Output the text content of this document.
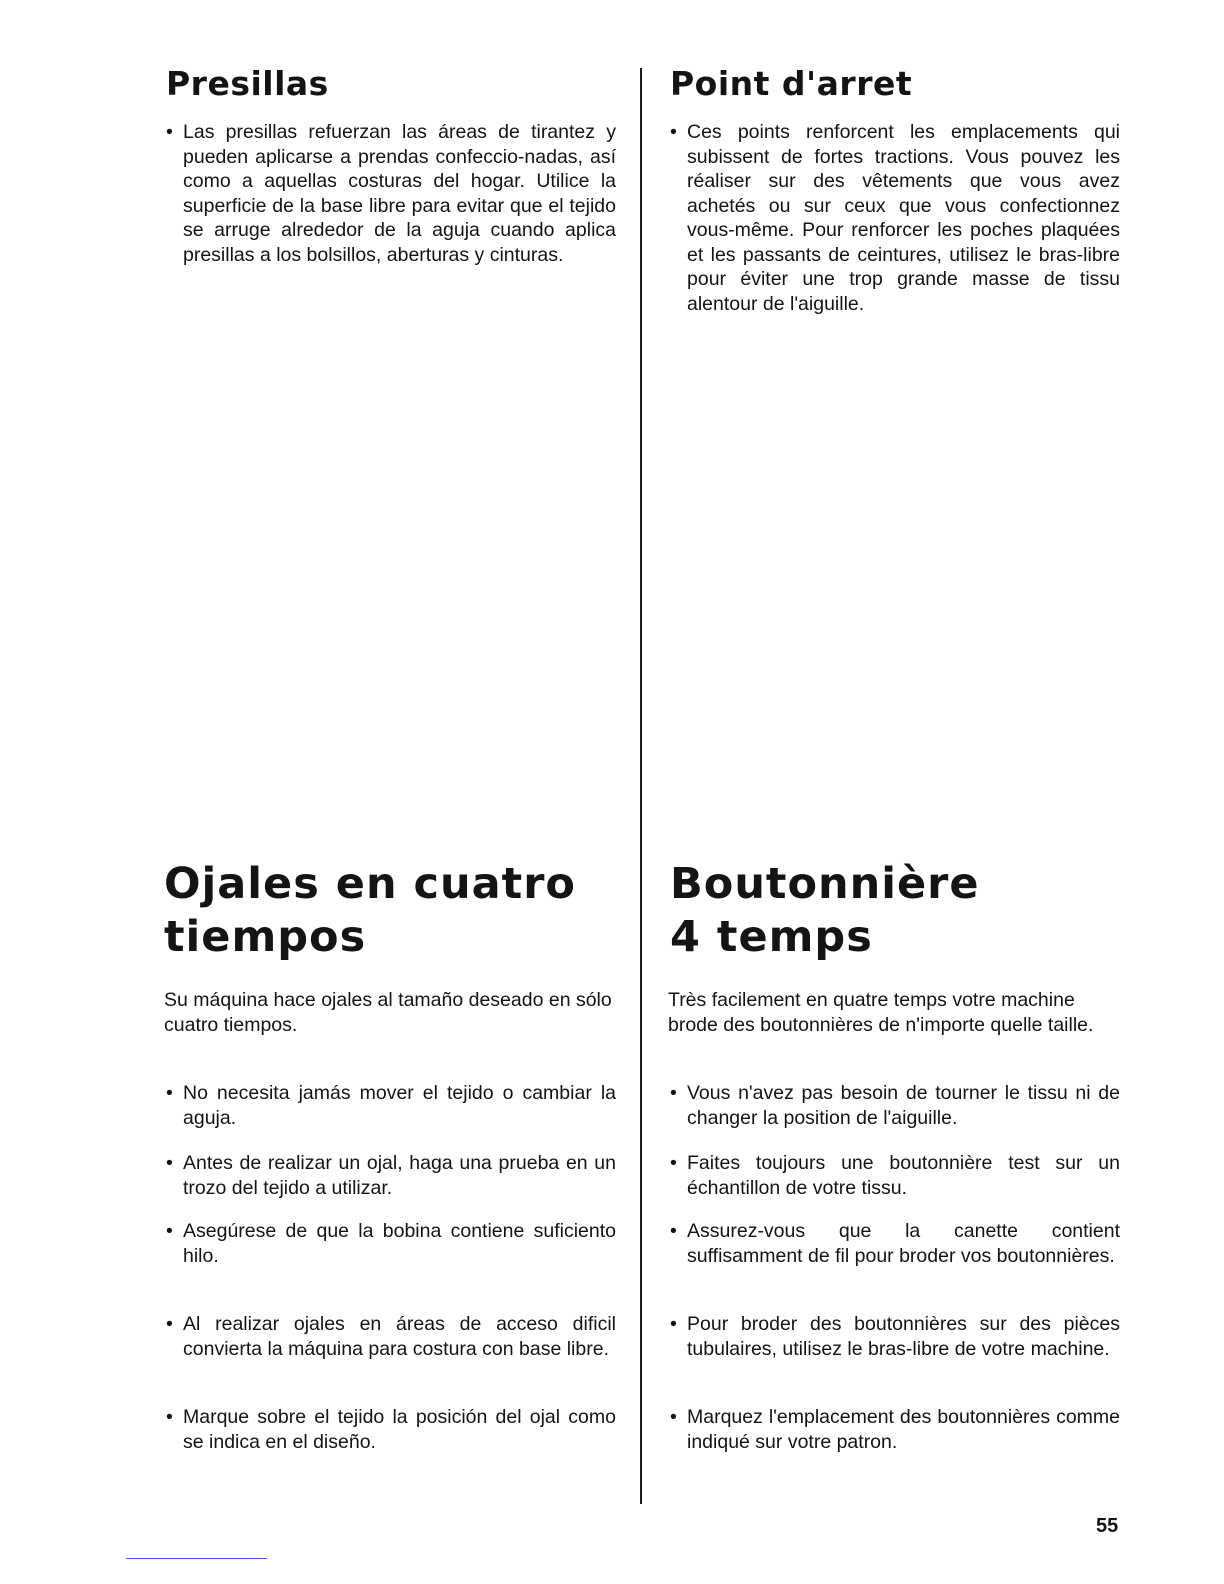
Presillas
• Las presillas refuerzan las áreas de tirantez y pueden aplicarse a prendas confeccio-nadas, así como a aquellas costuras del hogar. Utilice la superficie de la base libre para evitar que el tejido se arruge alrededor de la aguja cuando aplica presillas a los bolsillos, aberturas y cinturas.
Ojales en cuatro
tiempos
Su máquina hace ojales al tamaño deseado en sólo cuatro tiempos.
• No necesita jamás mover el tejido o cambiar la aguja.
• Antes de realizar un ojal, haga una prueba en un trozo del tejido a utilizar.
• Asegúrese de que la bobina contiene suficiento hilo.
• Al realizar ojales en áreas de acceso dificil convierta la máquina para costura con base libre.
• Marque sobre el tejido la posición del ojal como se indica en el diseño.
Point d'arret
• Ces points renforcent les emplacements qui subissent de fortes tractions. Vous pouvez les réaliser sur des vêtements que vous avez achetés ou sur ceux que vous confectionnez vous-même. Pour renforcer les poches plaquées et les passants de ceintures, utilisez le bras-libre pour éviter une trop grande masse de tissu alentour de l'aiguille.
Boutonnière
4 temps
Très facilement en quatre temps votre machine brode des boutonnières de n'importe quelle taille.
• Vous n'avez pas besoin de tourner le tissu ni de changer la position de l'aiguille.
• Faites toujours une boutonnière test sur un échantillon de votre tissu.
• Assurez-vous que la canette contient suffisamment de fil pour broder vos boutonnières.
• Pour broder des boutonnières sur des pièces tubulaires, utilisez le bras-libre de votre machine.
• Marquez l'emplacement des boutonnières comme indiqué sur votre patron.
55
